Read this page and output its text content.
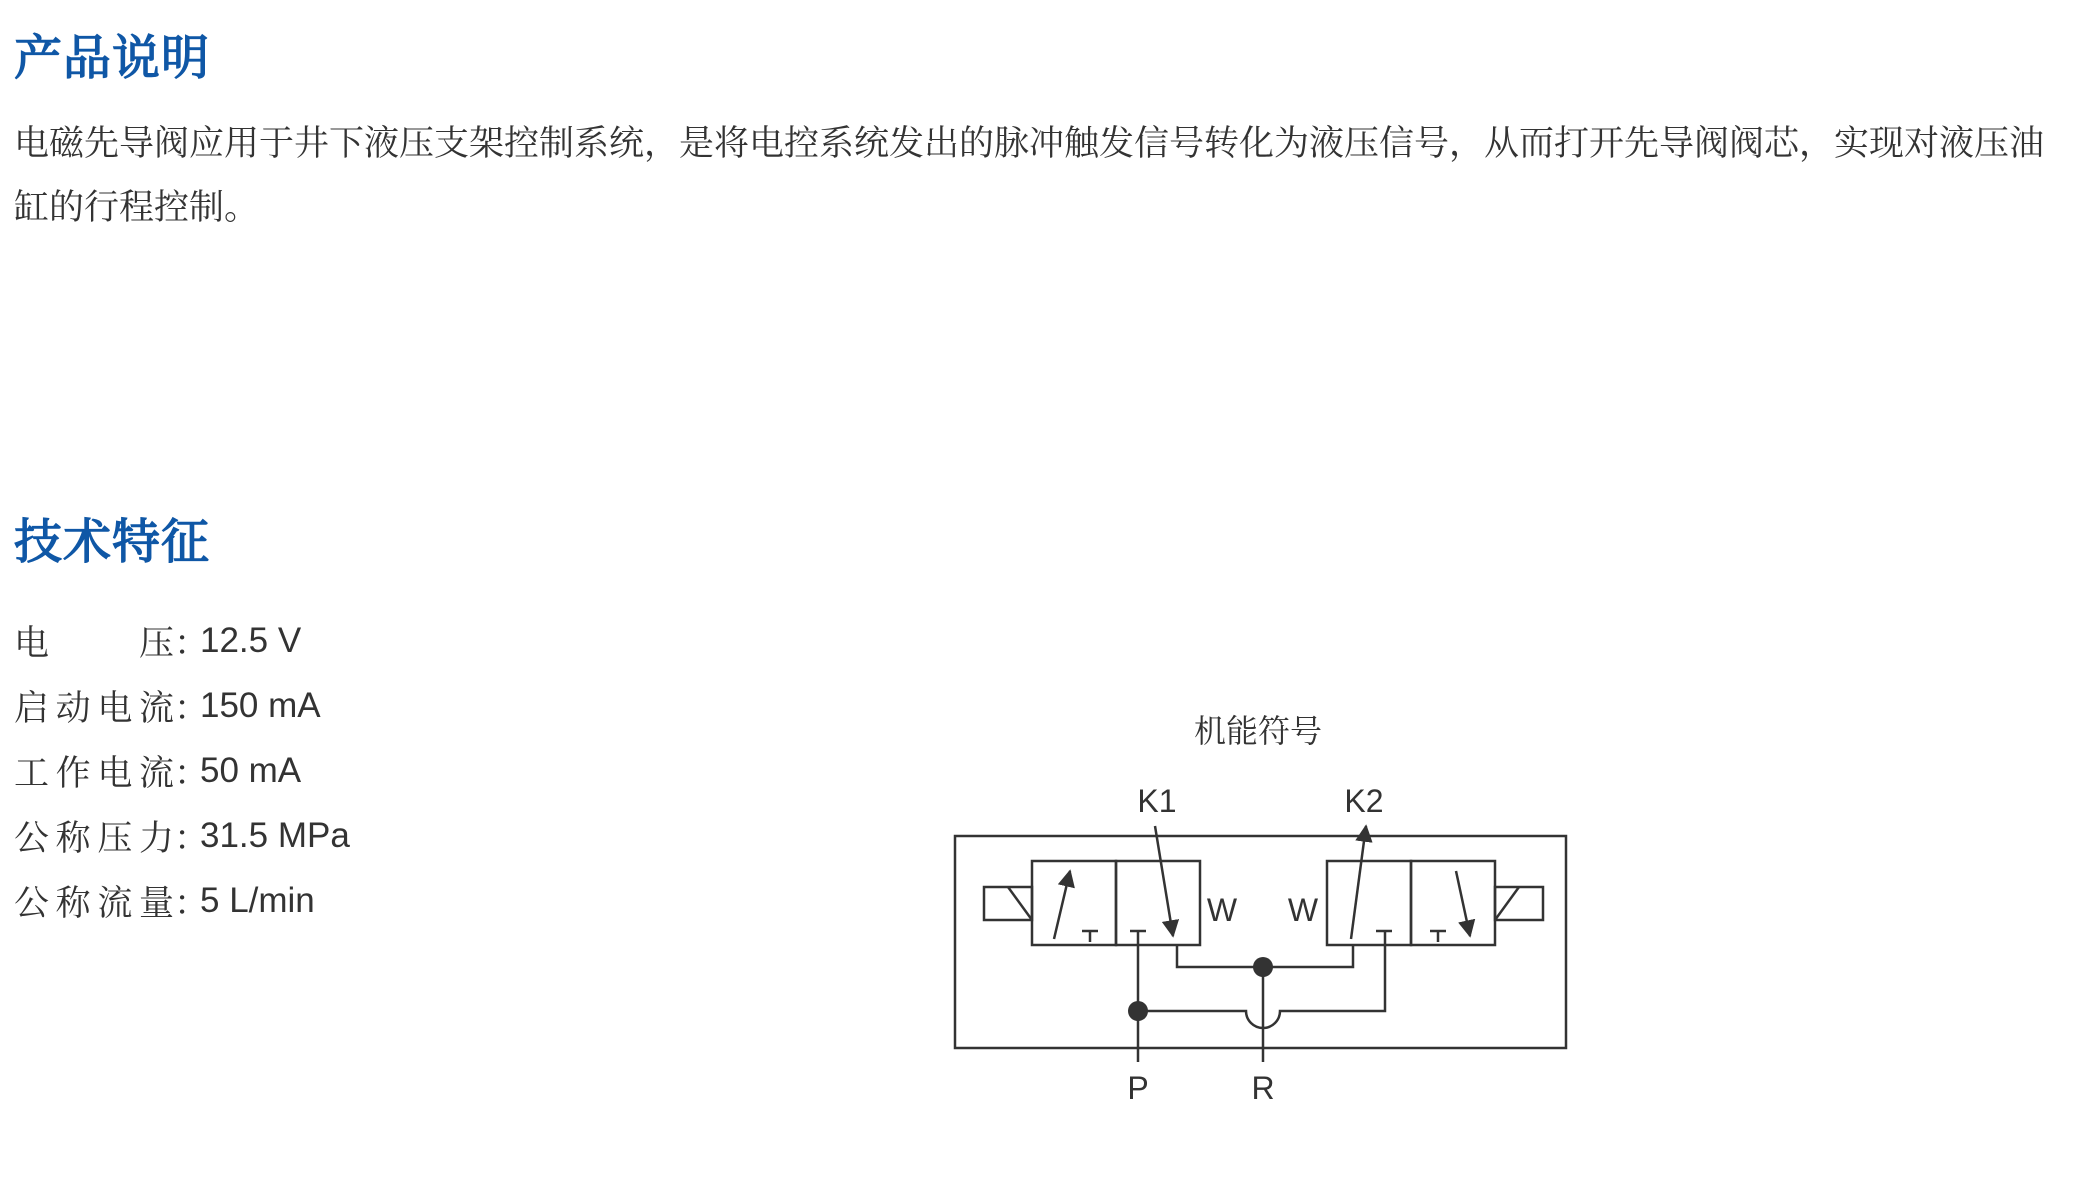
产品说明

电磁先导阀应用于井下液压支架控制系统，是将电控系统发出的脉冲触发信号转化为液压信号，从而打开先导阀阀芯，实现对液压油缸的行程控制。

技术特征
电压 ：
12.5 V
启动电流 ：
150 mA
工作电流 ：
50 mA
公称压力 ：
31.5 MPa
公称流量 ：
5 L/min
机能符号
K1	K2
W W
P	R
